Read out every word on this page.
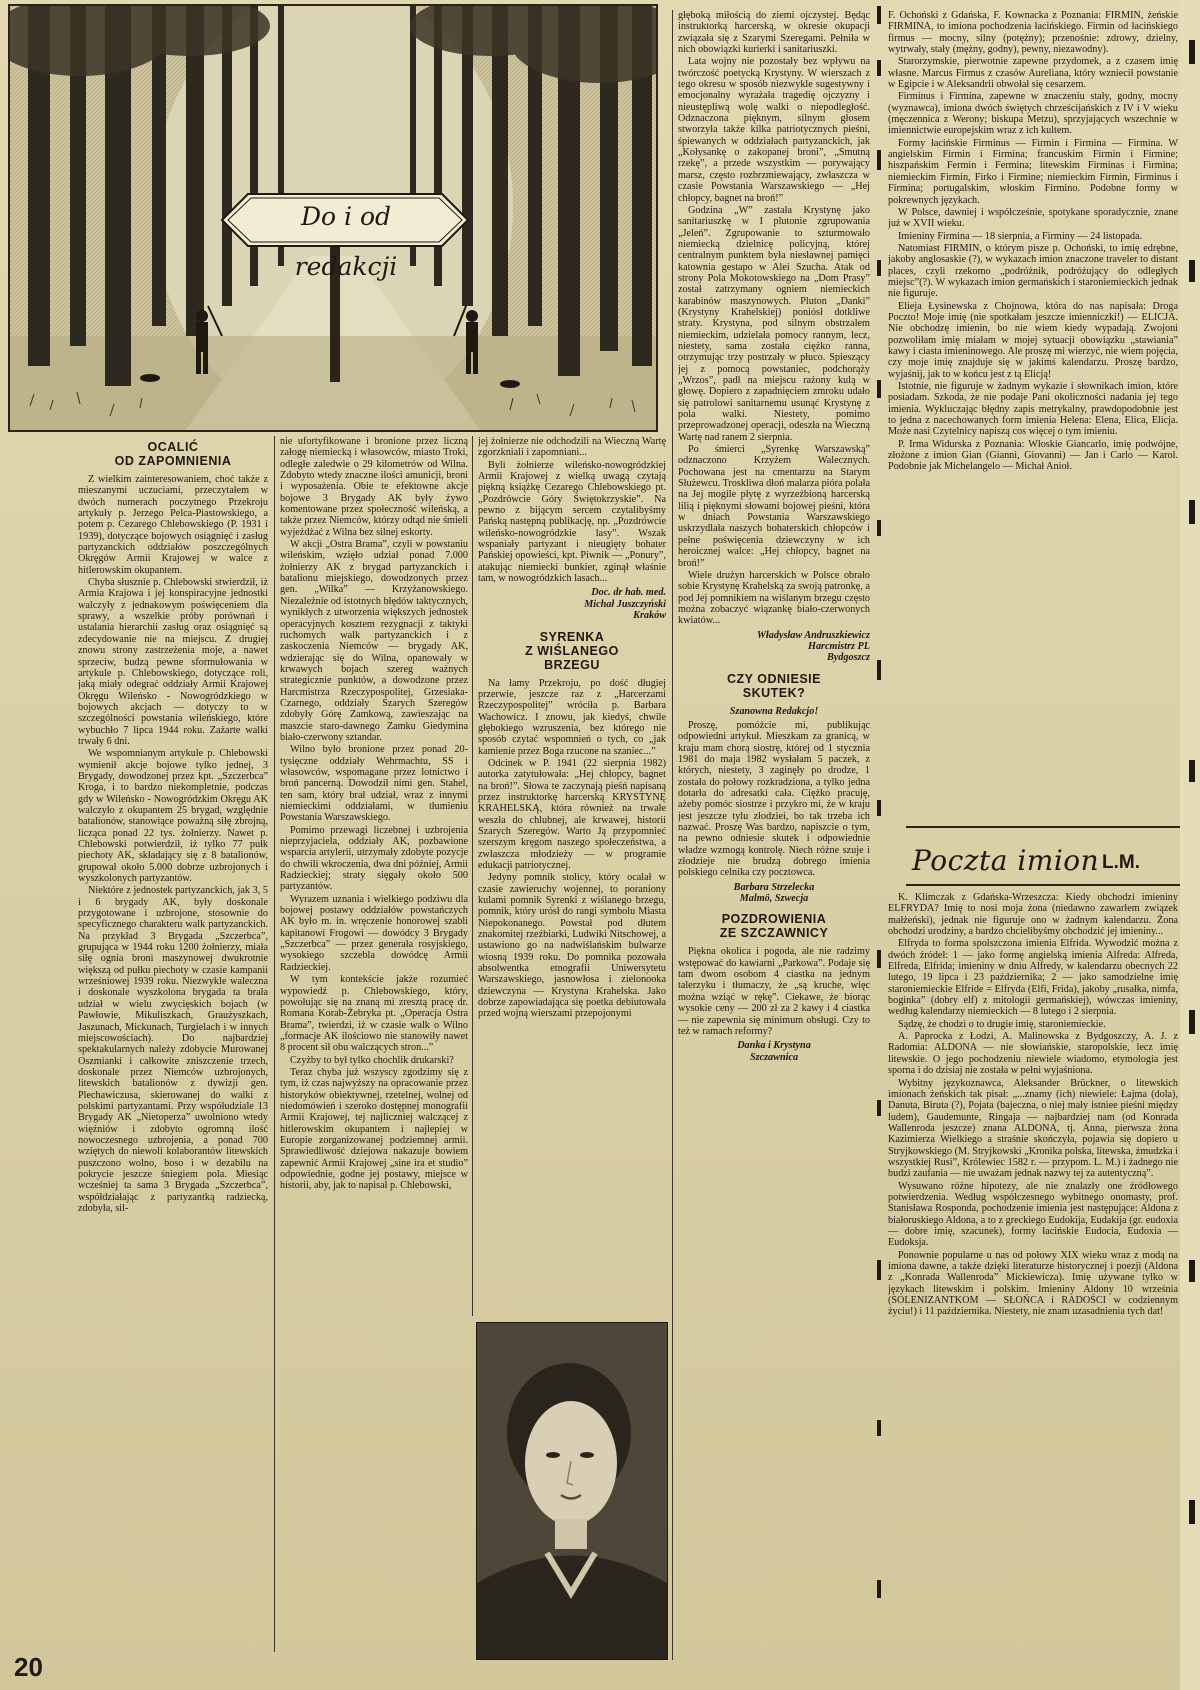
Do i od redakcji
OCALIĆ
OD ZAPOMNIENIA

Z wielkim zainteresowaniem, choć także z mieszanymi uczuciami, przeczytałem w dwóch numerach poczytnego Przekroju artykuły p. Jerzego Pelca-Piastowskiego, a potem p. Cezarego Chlebowskiego (P. 1931 i 1939), dotyczące bojowych osiągnięć i zasług partyzanckich oddziałów poszczególnych Okręgów Armii Krajowej w walce z hitlerowskim okupantem.

Chyba słusznie p. Chlebowski stwierdził, iż Armia Krajowa i jej konspiracyjne jednostki walczyły z jednakowym poświęceniem dla sprawy, a wszelkie próby porównań i ustalania hierarchii zasług oraz osiągnięć są zdecydowanie nie na miejscu. Z drugiej znowu strony zastrzeżenia moje, a nawet sprzeciw, budzą pewne sformułowania w artykule p. Chlebowskiego, dotyczące roli, jaką miały odegrać oddziały Armii Krajowej Okręgu Wileńsko - Nowogródzkiego w bojowych akcjach — dotyczy to w szczególności powstania wileńskiego, które wybuchło 7 lipca 1944 roku. Zażarte walki trwały 6 dni.

We wspomnianym artykule p. Chlebowski wymienił akcje bojowe tylko jednej, 3 Brygady, dowodzonej przez kpt. „Szczerbca” Kroga, i to bardzo niekompletnie, podczas gdy w Wileńsko - Nowogródzkim Okręgu AK walczyło z okupantem 25 brygad, względnie batalionów, stanowiące poważną siłę zbrojną, licząca ponad 22 tys. żołnierzy. Nawet p. Chlebowski potwierdził, iż tylko 77 pułk piechoty AK, składający się z 8 batalionów, grupował około 5.000 dobrze uzbrojonych i wyszkolonych partyzantów.

Niektóre z jednostek partyzanckich, jak 3, 5 i 6 brygady AK, były doskonale przygotowane i uzbrojone, stosownie do specyficznego charakteru walk partyzanckich. Na przykład 3 Brygada „Szczerbca”, grupująca w 1944 roku 1200 żołnierzy, miała siłę ognia broni maszynowej dwukrotnie większą od pułku piechoty w czasie kampanii wrześniowej 1939 roku. Niezwykle waleczna i doskonale wyszkolona brygada ta brała udział w wielu zwycięskich bojach (w Pawłowie, Mikuliszkach, Graużyszkach, Jaszunach, Mickunach, Turgielach i w innych miejscowościach). Do najbardziej spektakularnych należy zdobycie Murowanej Oszmianki i całkowite zniszczenie trzech, doskonale przez Niemców uzbrojonych, litewskich batalionów z dywizji gen. Plechawiczusa, skierowanej do walki z polskimi partyzantami. Przy współudziale 13 Brygady AK „Nietoperza” uwolniono wtedy więźniów i zdobyto ogromną ilość nowoczesnego uzbrojenia, a ponad 700 wziętych do niewoli kolaborantów litewskich puszczono wolno, boso i w dezabilu na pokrycie jeszcze śniegiem pola. Miesiąc wcześniej ta sama 3 Brygada „Szczerbca”, współdziałając z partyzantką radziecką, zdobyła, sil-

nie ufortyfikowane i bronione przez liczną załogę niemiecką i własowców, miasto Troki, odległe zaledwie o 29 kilometrów od Wilna. Zdobyto wtedy znaczne ilości amunicji, broni i wyposażenia. Obie te efektowne akcje bojowe 3 Brygady AK były żywo komentowane przez społeczność wileńską, a także przez Niemców, którzy odtąd nie śmieli wyjeżdżać z Wilna bez silnej eskorty.

W akcji „Ostra Brama”, czyli w powstaniu wileńskim, wzięło udział ponad 7.000 żołnierzy AK z brygad partyzanckich i batalionu miejskiego, dowodzonych przez gen. „Wilka” — Krzyżanowskiego. Niezależnie od istotnych błędów taktycznych, wynikłych z utworzenia większych jednostek operacyjnych kosztem rezygnacji z taktyki ruchomych walk partyzanckich i z zaskoczenia Niemców — brygady AK, wdzierając się do Wilna, opanowały w krwawych bojach szereg ważnych strategicznie punktów, a dowodzone przez Harcmistrza Rzeczypospolitej, Grzesiaka-Czarnego, oddziały Szarych Szeregów zdobyły Górę Zamkową, zawieszając na maszcie staro-dawnego Zamku Giedymina biało-czerwony sztandar.

Wilno było bronione przez ponad 20-tysięczne oddziały Wehrmachtu, SS i własowców, wspomagane przez lotnictwo i broń pancerną. Dowodził nimi gen. Stahel, ten sam, który brał udział, wraz z innymi niemieckimi oddziałami, w tłumieniu Powstania Warszawskiego.

Pomimo przewagi liczebnej i uzbrojenia nieprzyjaciela, oddziały AK, pozbawione wsparcia artylerii, utrzymały zdobyte pozycje do chwili wkroczenia, dwa dni później, Armii Radzieckiej; straty sięgały około 500 partyzantów.

Wyrazem uznania i wielkiego podziwu dla bojowej postawy oddziałów powstańczych AK było m. in. wręczenie honorowej szabli kapitanowi Frogowi — dowódcy 3 Brygady „Szczerbca” — przez generała rosyjskiego, wysokiego szczebla dowódcę Armii Radzieckiej.

W tym kontekście jakże rozumieć wypowiedź p. Chlebowskiego, który, powołując się na znaną mi zresztą pracę dr. Romana Korab-Żebryka pt. „Operacja Ostra Brama”, twierdzi, iż w czasie walk o Wilno „formacje AK ilościowo nie stanowiły nawet 8 procent sił obu walczących stron...”

Czyżby to był tylko chochlik drukarski?

Teraz chyba już wszyscy zgodzimy się z tym, iż czas najwyższy na opracowanie przez historyków obiektywnej, rzetelnej, wolnej od niedomówień i szeroko dostępnej monografii Armii Krajowej, tej najliczniej walczącej z hitlerowskim okupantem i najlepiej w Europie zorganizowanej podziemnej armii. Sprawiedliwość dziejowa nakazuje bowiem zapewnić Armii Krajowej „sine ira et studio” odpowiednie, godne jej postawy, miejsce w historii, aby, jak to napisał p. Chlebowski,

jej żołnierze nie odchodzili na Wieczną Wartę zgorzkniali i zapomniani...

Byli żołnierze wileńsko-nowogródzkiej Armii Krajowej z wielką uwagą czytają piękną książkę Cezarego Chlebowskiego pt. „Pozdrówcie Góry Świętokrzyskie”. Na pewno z bijącym sercem czytalibyśmy Pańską następną publikację, np. „Pozdrówcie wileńsko-nowogródzkie lasy”. Wszak wspaniały partyzant i nieugięty bohater Pańskiej opowieści, kpt. Piwnik — „Ponury”, atakując niemiecki bunkier, zginął właśnie tam, w nowogródzkich lasach...

Doc. dr hab. med.
Michał Juszczyński
Kraków

SYRENKA
Z WIŚLANEGO
BRZEGU

Na łamy Przekroju, po dość długiej przerwie, jeszcze raz z „Harcerzami Rzeczypospolitej” wróciła p. Barbara Wachowicz. I znowu, jak kiedyś, chwile głębokiego wzruszenia, bez którego nie sposób czytać wspomnień o tych, co „jak kamienie przez Boga rzucone na szaniec...”

Odcinek w P. 1941 (22 sierpnia 1982) autorka zatytułowała: „Hej chłopcy, bagnet na broń!”. Słowa te zaczynają pieśń napisaną przez instruktorkę harcerską KRYSTYNĘ KRAHELSKĄ, która również na trwałe weszła do chlubnej, ale krwawej, historii Szarych Szeregów. Warto Ją przypomnieć szerszym kręgom naszego społeczeństwa, a zwłaszcza młodzieży — w programie edukacji patriotycznej.

Jedyny pomnik stolicy, który ocalał w czasie zawieruchy wojennej, to poraniony kulami pomnik Syrenki z wiślanego brzegu, pomnik, który urósł do rangi symbolu Miasta Niepokonanego. Powstał pod dłutem znakomitej rzeźbiarki, Ludwiki Nitschowej, a ustawiono go na nadwiślańskim bulwarze wiosną 1939 roku. Do pomnika pozowała absolwentka etnografii Uniwersytetu Warszawskiego, jasnowłosa i zielonooka dziewczyna — Krystyna Krahelska. Jako dobrze zapowiadająca się poetka debiutowała przed wojną wierszami przepojonymi

głęboką miłością do ziemi ojczystej. Będąc instruktorką harcerską, w okresie okupacji związała się z Szarymi Szeregami. Pełniła w nich obowiązki kurierki i sanitariuszki.

Lata wojny nie pozostały bez wpływu na twórczość poetycką Krystyny. W wierszach z tego okresu w sposób niezwykle sugestywny i emocjonalny wyrażała tragedię ojczyzny i nieustępliwą wolę walki o niepodległość. Odznaczona pięknym, silnym głosem stworzyła także kilka patriotycznych pieśni, śpiewanych w oddziałach partyzanckich, jak „Kołysankę o zakopanej broni”, „Smutną rzekę”, a przede wszystkim — porywający marsz, często rozbrzmiewający, zwłaszcza w czasie Powstania Warszawskiego — „Hej chłopcy, bagnet na broń!”

Godzina „W” zastała Krystynę jako sanitariuszkę w I plutonie zgrupowania „Jeleń”. Zgrupowanie to szturmowało niemiecką dzielnicę policyjną, której centralnym punktem była niesławnej pamięci katownia gestapo w Alei Szucha. Atak od strony Pola Mokotowskiego na „Dom Prasy” został zatrzymany ogniem niemieckich karabinów maszynowych. Pluton „Danki” (Krystyny Krahelskiej) poniósł dotkliwe straty. Krystyna, pod silnym obstrzałem niemieckim, udzielała pomocy rannym, lecz, niestety, sama została ciężko ranna, otrzymując trzy postrzały w płuco. Spieszący jej z pomocą powstaniec, podchorąży „Wrzos”, padł na miejscu rażony kulą w głowę. Dopiero z zapadnięciem zmroku udało się patrolowi sanitarnemu usunąć Krystynę z pola walki. Niestety, pomimo przeprowadzonej operacji, odeszła na Wieczną Wartę nad ranem 2 sierpnia.

Po śmierci „Syrenkę Warszawską” odznaczono Krzyżem Walecznych. Pochowana jest na cmentarzu na Starym Służewcu. Troskliwa dłoń malarza pióra polała na Jej mogile płytę z wyrzeźbioną harcerską lilią i pięknymi słowami bojowej pieśni, która w dniach Powstania Warszawskiego uskrzydlała naszych bohaterskich chłopców i pełne poświęcenia dziewczyny w ich heroicznej walce: „Hej chłopcy, bagnet na broń!”

Wiele drużyn harcerskich w Polsce obrało sobie Krystynę Krahelską za swoją patronkę, a pod Jej pomnikiem na wiślanym brzegu często można zobaczyć wiązankę biało-czerwonych kwiatów...

Władysław Andruszkiewicz
Harcmistrz PL
Bydgoszcz

CZY ODNIESIE
SKUTEK?

Szanowna Redakcjo!

Proszę, pomóżcie mi, publikując odpowiedni artykuł. Mieszkam za granicą, w kraju mam chorą siostrę, której od 1 stycznia 1981 do maja 1982 wysłałam 5 paczek, z których, niestety, 3 zaginęły po drodze, 1 została do połowy rozkradziona, a tylko jedna dotarła do adresatki cała. Ciężko pracuję, ażeby pomóc siostrze i przykro mi, że w kraju jest jeszcze tylu złodziei, bo tak trzeba ich nazwać. Proszę Was bardzo, napiszcie o tym, na pewno odniesie skutek i odpowiednie władze wzmogą kontrolę. Niech różne szuje i złodzieje nie brudzą dobrego imienia polskiego celnika czy pocztowca.

Barbara Strzelecka
Malmö, Szwecja

POZDROWIENIA
ZE SZCZAWNICY

Piękna okolica i pogoda, ale nie radzimy wstępować do kawiarni „Parkowa”. Podaje się tam dwom osobom 4 ciastka na jednym talerzyku i tłumaczy, że „są kruche, więc można wziąć w rękę”. Ciekawe, że biorąc wysokie ceny — 200 zł za 2 kawy i 4 ciastka — nie zapewnia się minimum obsługi. Czy to też w ramach reformy?

Danka i Krystyna
Szczawnica

F. Ochoński z Gdańska, F. Kownacka z Poznania: FIRMIN, żeńskie FIRMINA, to imiona pochodzenia łacińskiego. Firmin od łacińskiego firmus — mocny, silny (potężny); przenośnie: zdrowy, dzielny, wytrwały, stały (mężny, godny), pewny, niezawodny).

Starorzymskie, pierwotnie zapewne przydomek, a z czasem imię własne. Marcus Firmus z czasów Aureliana, który wzniecił powstanie w Egipcie i w Aleksandrii obwołał się cesarzem.

Firminus i Firmina, zapewne w znaczeniu stały, godny, mocny (wyznawca), imiona dwóch świętych chrześcijańskich z IV i V wieku (męczennica z Werony; biskupa Metzu), sprzyjających wszechnie w imiennictwie europejskim wraz z ich kultem.

Formy łacińskie Firminus — Firmin i Firmina — Firmina. W angielskim Firmin i Firmina; francuskim Firmin i Firmine; hiszpańskim Fermin i Fermina; litewskim Firminas i Firmina; niemieckim Firmin, Firko i Firmine; niemieckim Firmin, Firminus i Firmina; portugalskim, włoskim Firmino. Podobne formy w pokrewnych językach.

W Polsce, dawniej i współcześnie, spotykane sporadycznie, znane już w XVII wieku.

Imieniny Firmina — 18 sierpnia, a Firminy — 24 listopada.

Natomiast FIRMIN, o którym pisze p. Ochoński, to imię edrębne, jakoby anglosaskie (?), w wykazach imion znaczone traveler to distant places, czyli rzekomo „podróżnik, podróżujący do odległych miejsc”(?). W wykazach imion germańskich i staroniemieckich jednak nie figuruje.

Elieja Łysinewska z Chojnowa, która do nas napisała: Droga Poczto! Moje imię (nie spotkałam jeszcze imienniczki!) — ELICJA. Nie obchodzę imienin, bo nie wiem kiedy wypadają. Zwojoni pozwoliłam imię miałam w mojej sytuacji obowiązku „stawiania” kawy i ciasta imieninowego. Ale proszę mi wierzyć, nie wiem pojęcia, czy moje imię znajduje się w jakimś kalendarzu. Proszę bardzo, wyjaśnij, jak to w końcu jest z tą Elicją!

Istotnie, nie figuruje w żadnym wykazie i słownikach imion, które posiadam. Szkoda, że nie podaje Pani okoliczności nadania jej tego imienia. Wykluczając błędny zapis metrykalny, prawdopodobnie jest to jedna z nacechowanych form imienia Helena: Elena, Elica, Elicja. Może nasi Czytelnicy napiszą cos więcej o tym imieniu.

P. Irma Widurska z Poznania: Włoskie Giancarlo, imię podwójne, złożone z imion Gian (Gianni, Giovanni) — Jan i Carlo — Karol. Podobnie jak Michelangelo — Michał Anioł.

Poczta imion L.M.

K. Klimczak z Gdańska-Wrzeszcza: Kiedy obchodzi imieniny ELFRYDA? Imię to nosi moja żona (niedawno zawarłem związek małżeński), jednak nie figuruje ono w żadnym kalendarzu. Żona obchodzi urodziny, a bardzo chcielibyśmy obchodzić jej imieniny...

Elfryda to forma spolszczona imienia Elfrida. Wywodzić można z dwóch źródeł: 1 — jako formę angielską imienia Alfreda: Alfreda, Elfreda, Elfrida; imieniny w dniu Alfredy, w kalendarzu obecnych 22 lutego, 19 lipca i 23 października; 2 — jako samodzielne imię staroniemieckie Elfride = Elfryda (Elfi, Frida), jakoby „rusałka, nimfa, boginka” (dobry elf) z mitologii germańskiej), wówczas imieniny, według kalendarzy niemieckich — 8 lutego i 2 sierpnia.

Sądzę, że chodzi o to drugie imię, staroniemieckie.

A. Paprocka z Łodzi, A. Malinowska z Bydgoszczy, A. J. z Radomia: ALDONA — nie słowiańskie, staropolskie, lecz imię litewskie. O jego pochodzeniu niewiele wiadomo, etymologia jest sporna i do dzisiaj nie została w pełni wyjaśniona.

Wybitny językoznawca, Aleksander Brückner, o litewskich imionach żeńskich tak pisał: „...znamy (ich) niewiele: Łajma (dola), Danuta, Biruta (?), Pojata (bajeczna, o niej mały istniee pieśni między ludem), Gaudemunte, Ringaja — najbardziej nam (od Konrada Wallenroda jeszcze) znana ALDONA, tj. Anna, pierwsza żona Kazimierza Wielkiego a straśnie skończyła, pojawia się dopiero u Stryjkowskiego (M. Stryjkowski „Kronika polska, litewska, żmudzka i wszystkiej Rusi”, Królewiec 1582 r. — przypom. L. M.) i żadnego nie budzi zaufania — nie uważam jednak nazwy tej za autentyczną”.

Wysuwano różne hipotezy, ale nie znalazły one źródłowego potwierdzenia. Według współczesnego wybitnego onomasty, prof. Stanisława Rosponda, pochodzenie imienia jest następujące: Aldona z białoruskiego Aldona, a to z greckiego Eudokija, Eudakija (gr. eudoxia — dobre imię, szacunek), formy łacińskie Eudocia, Eudoxia — Eudoksja.

Ponownie popularne u nas od połowy XIX wieku wraz z modą na imiona dawne, a także dzięki literaturze historycznej i poezji (Aldona z „Konrada Wallenroda” Mickiewicza). Imię używane tylko w językach litewskim i polskim. Imieniny Aldony 10 września (SOLENIZANTKOM — SŁOŃCA i RADOŚCI w codziennym życiu!) i 11 października. Niestety, nie znam uzasadnienia tych dat!

20
